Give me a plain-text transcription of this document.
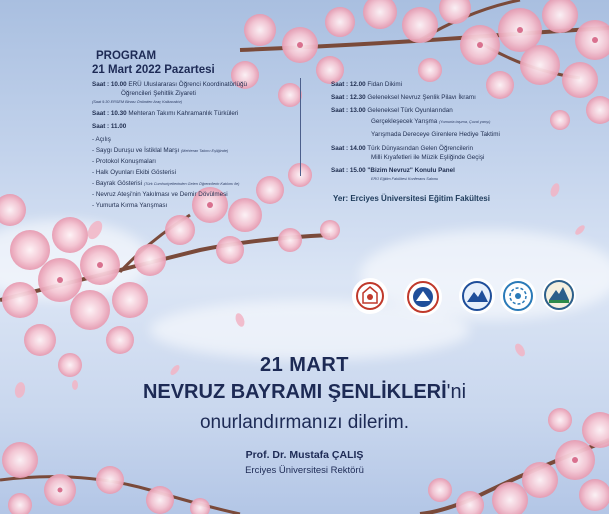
PROGRAM
21 Mart 2022 Pazartesi
Saat : 10.00 ERÜ Uluslararası Öğrenci Koordinatörlüğü
Öğrencileri Şehitlik Ziyareti
(Saat 9.30 ERSEM Binası Önünden Araç Kalkacaktır)
Saat : 10.30 Mehteran Takımı Kahramanlık Türküleri
Saat : 11.00
- Açılış
- Saygı Duruşu ve İstiklal Marşı (Mehteran Takımı Eşliğinde)
- Protokol Konuşmaları
- Halk Oyunları Ekibi Gösterisi
- Bayrak Gösterisi (Türk Cumhuriyetlerinden Gelen Öğrencilerin Katılımı ile)
- Nevruz Ateşi'nin Yakılması ve Demir Dövülmesi
- Yumurta Kırma Yarışması
Saat : 12.00 Fidan Dikimi
Saat : 12.30 Geleneksel Nevruz Şenlik Pilavı İkramı
Saat : 13.00 Geleneksel Türk Oyunlarından
Gerçekleşecek Yarışma (Yumurta taşıma, Çuval yarışı)
Yarışmada Dereceye Girenlere Hediye Taktimi
Saat : 14.00 Türk Dünyasından Gelen Öğrencilerin
Milli Kıyafetleri ile Müzik Eşliğinde Geçişi
Saat : 15.00 "Bizim Nevruz" Konulu Panel
ERÜ Eğitim Fakültesi Konferans Salonu
Yer: Erciyes Üniversitesi Eğitim Fakültesi
21 MART
NEVRUZ BAYRAMI ŞENLİKLERİ'ni
onurlandırmanızı dilerim.
Prof. Dr. Mustafa ÇALIŞ
Erciyes Üniversitesi Rektörü
